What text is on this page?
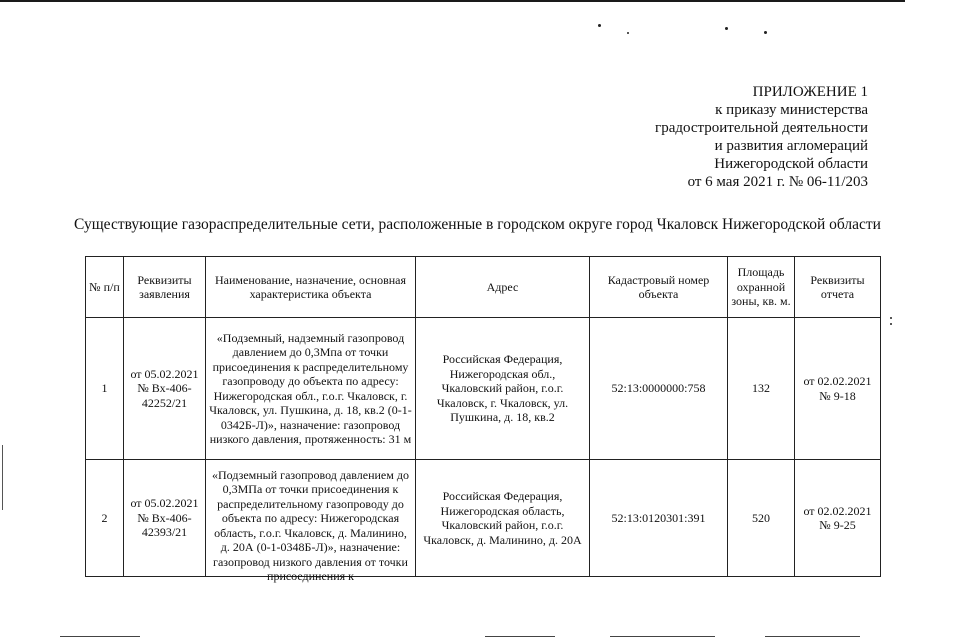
ПРИЛОЖЕНИЕ 1
к приказу министерства
градостроительной деятельности
и развития агломераций
Нижегородской области
от 6 мая 2021 г. № 06-11/203
Существующие газораспределительные сети, расположенные в городском округе город Чкаловск Нижегородской области
№ п/п	Реквизиты заявления	Наименование, назначение, основная характеристика объекта	Адрес	Кадастровый номер объекта	Площадь охранной зоны, кв. м.	Реквизиты отчета
1	от 05.02.2021 № Вх-406-42252/21	«Подземный, надземный газопровод давлением до 0,3Мпа от точки присоединения к распределительному газопроводу до объекта по адресу: Нижегородская обл., г.о.г. Чкаловск, г. Чкаловск, ул. Пушкина, д. 18, кв.2 (0-1-0342Б-Л)», назначение: газопровод низкого давления, протяженность: 31 м	Российская Федерация, Нижегородская обл., Чкаловский район, г.о.г. Чкаловск, г. Чкаловск, ул. Пушкина, д. 18, кв.2	52:13:0000000:758	132	от 02.02.2021 № 9-18
2	от 05.02.2021 № Вх-406-42393/21	«Подземный газопровод давлением до 0,3МПа от точки присоединения к распределительному газопроводу до объекта по адресу: Нижегородская область, г.о.г. Чкаловск, д. Малинино, д. 20А (0-1-0348Б-Л)», назначение: газопровод низкого давления от точки присоединения к	Российская Федерация, Нижегородская область, Чкаловский район, г.о.г. Чкаловск, д. Малинино, д. 20А	52:13:0120301:391	520	от 02.02.2021 № 9-25
